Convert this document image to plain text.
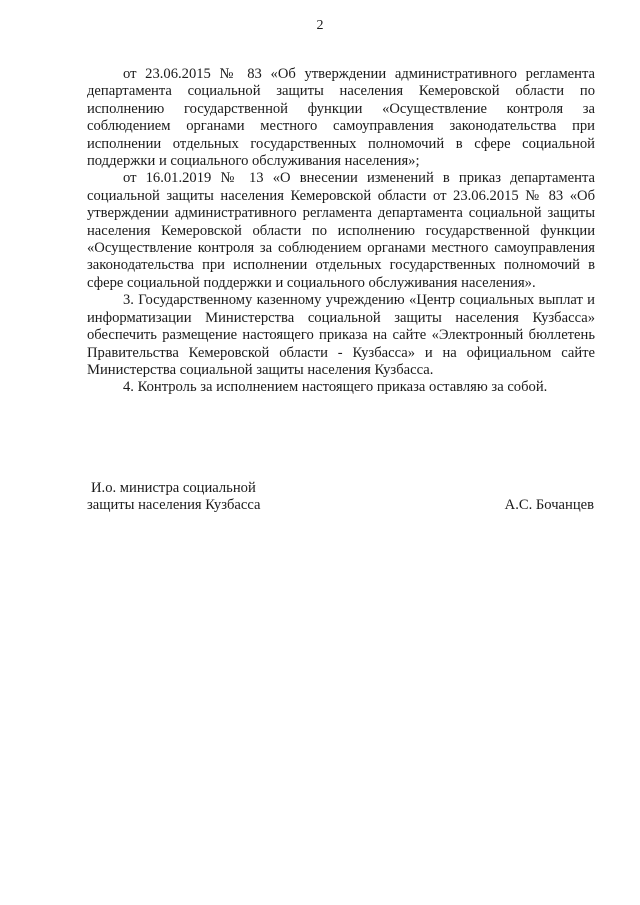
2

от 23.06.2015 № 83 «Об утверждении административного регламента департамента социальной защиты населения Кемеровской области по исполнению государственной функции «Осуществление контроля за соблюдением органами местного самоуправления законодательства при исполнении отдельных государственных полномочий в сфере социальной поддержки и социального обслуживания населения»;

от 16.01.2019 № 13 «О внесении изменений в приказ департамента социальной защиты населения Кемеровской области от 23.06.2015 № 83 «Об утверждении административного регламента департамента социальной защиты населения Кемеровской области по исполнению государственной функции «Осуществление контроля за соблюдением органами местного самоуправления законодательства при исполнении отдельных государственных полномочий в сфере социальной поддержки и социального обслуживания населения».

3. Государственному казенному учреждению «Центр социальных выплат и информатизации Министерства социальной защиты населения Кузбасса» обеспечить размещение настоящего приказа на сайте «Электронный бюллетень Правительства Кемеровской области - Кузбасса» и на официальном сайте Министерства социальной защиты населения Кузбасса.

4. Контроль за исполнением настоящего приказа оставляю за собой.

И.о. министра социальной
защиты населения Кузбасса	А.С. Бочанцев
